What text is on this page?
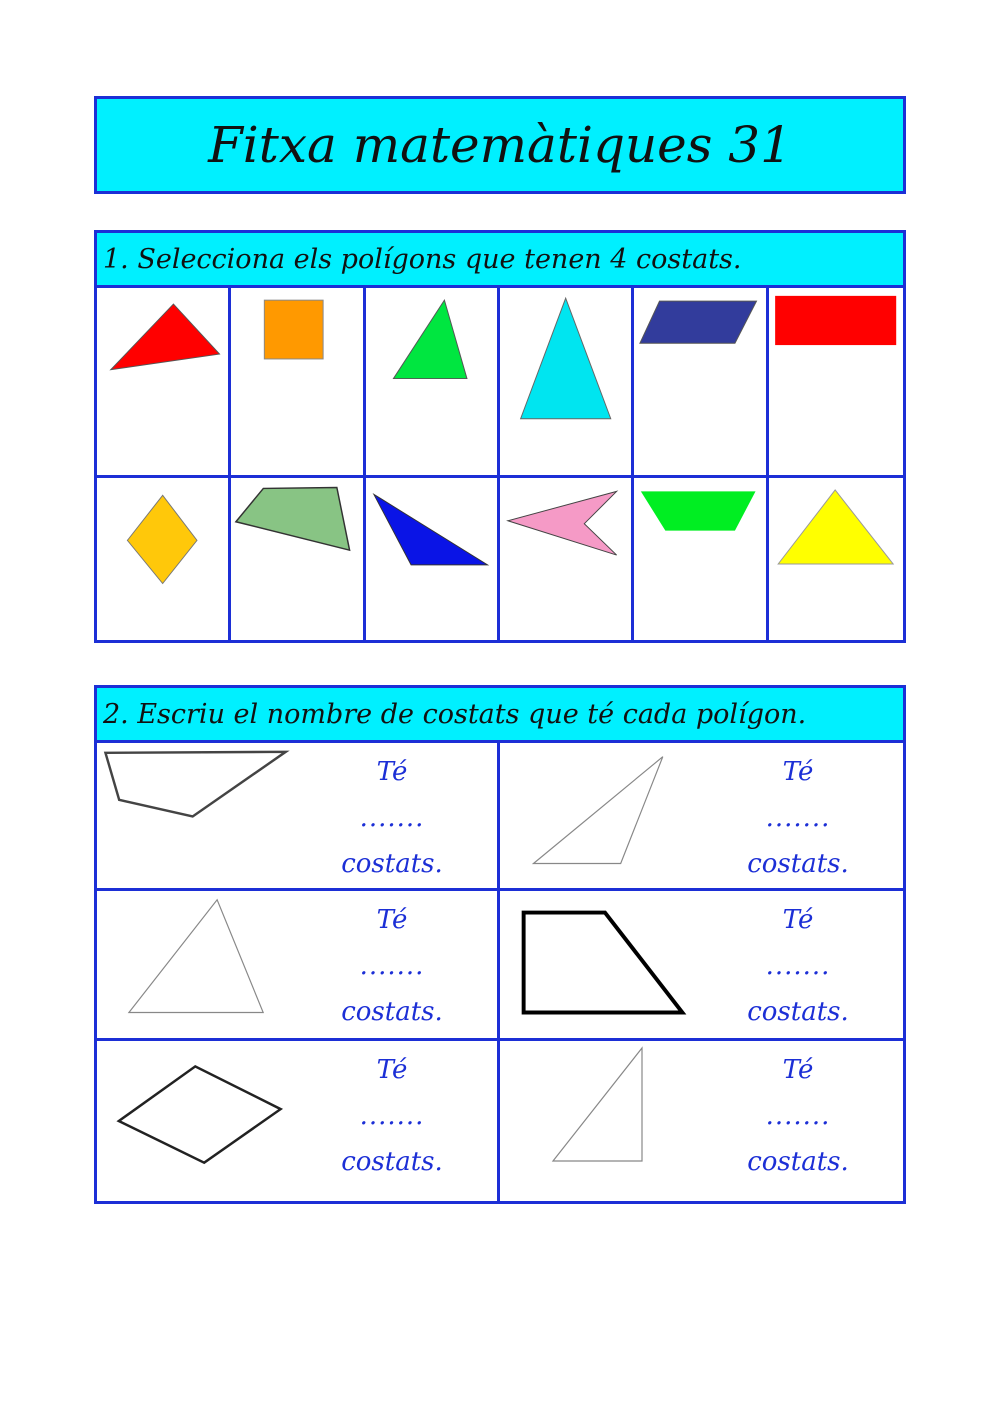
Fitxa matemàtiques 31
1. Selecciona els polígons que tenen 4 costats.
2. Escriu el nombre de costats que té cada polígon.
Té
.......
costats.
Té
.......
costats.
Té
.......
costats.
Té
.......
costats.
Té
.......
costats.
Té
.......
costats.
